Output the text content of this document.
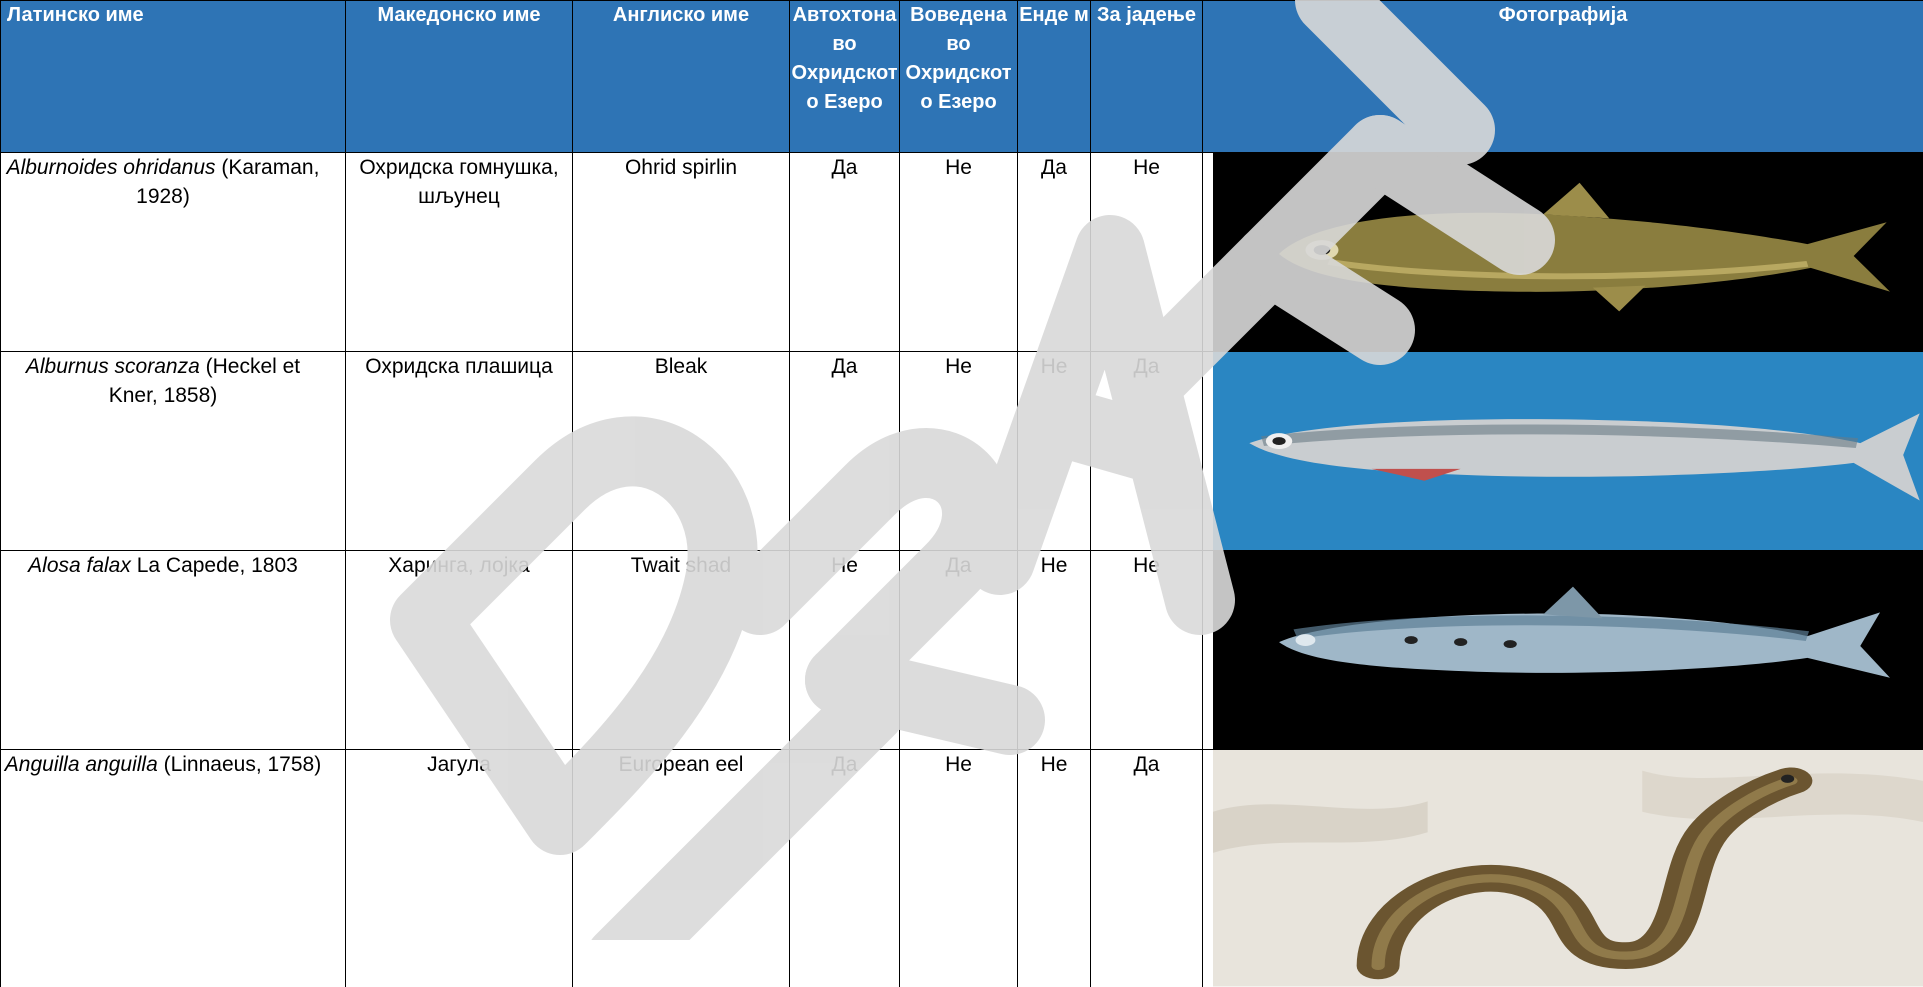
Латинско име	Македонско име	Англиско име	Автохтона во Охридскот о Езеро	Воведена во Охридскот о Езеро	Енде м	За јадење	Фотографија
Alburnoides ohridanus (Karaman, 1928)	Охридска гомнушка, шљунец	Ohrid spirlin	Да	Не	Да	Не	

Alburnus scoranza (Heckel et Kner, 1858)	Охридска плашица	Bleak	Да	Не	Не	Да	

Alosa falax La Capede, 1803	Харинга, лојка	Twait shad	Не	Да	Не	Не	

Anguilla anguilla (Linnaeus, 1758)	Јагула	European eel	Да	Не	Не	Да	
